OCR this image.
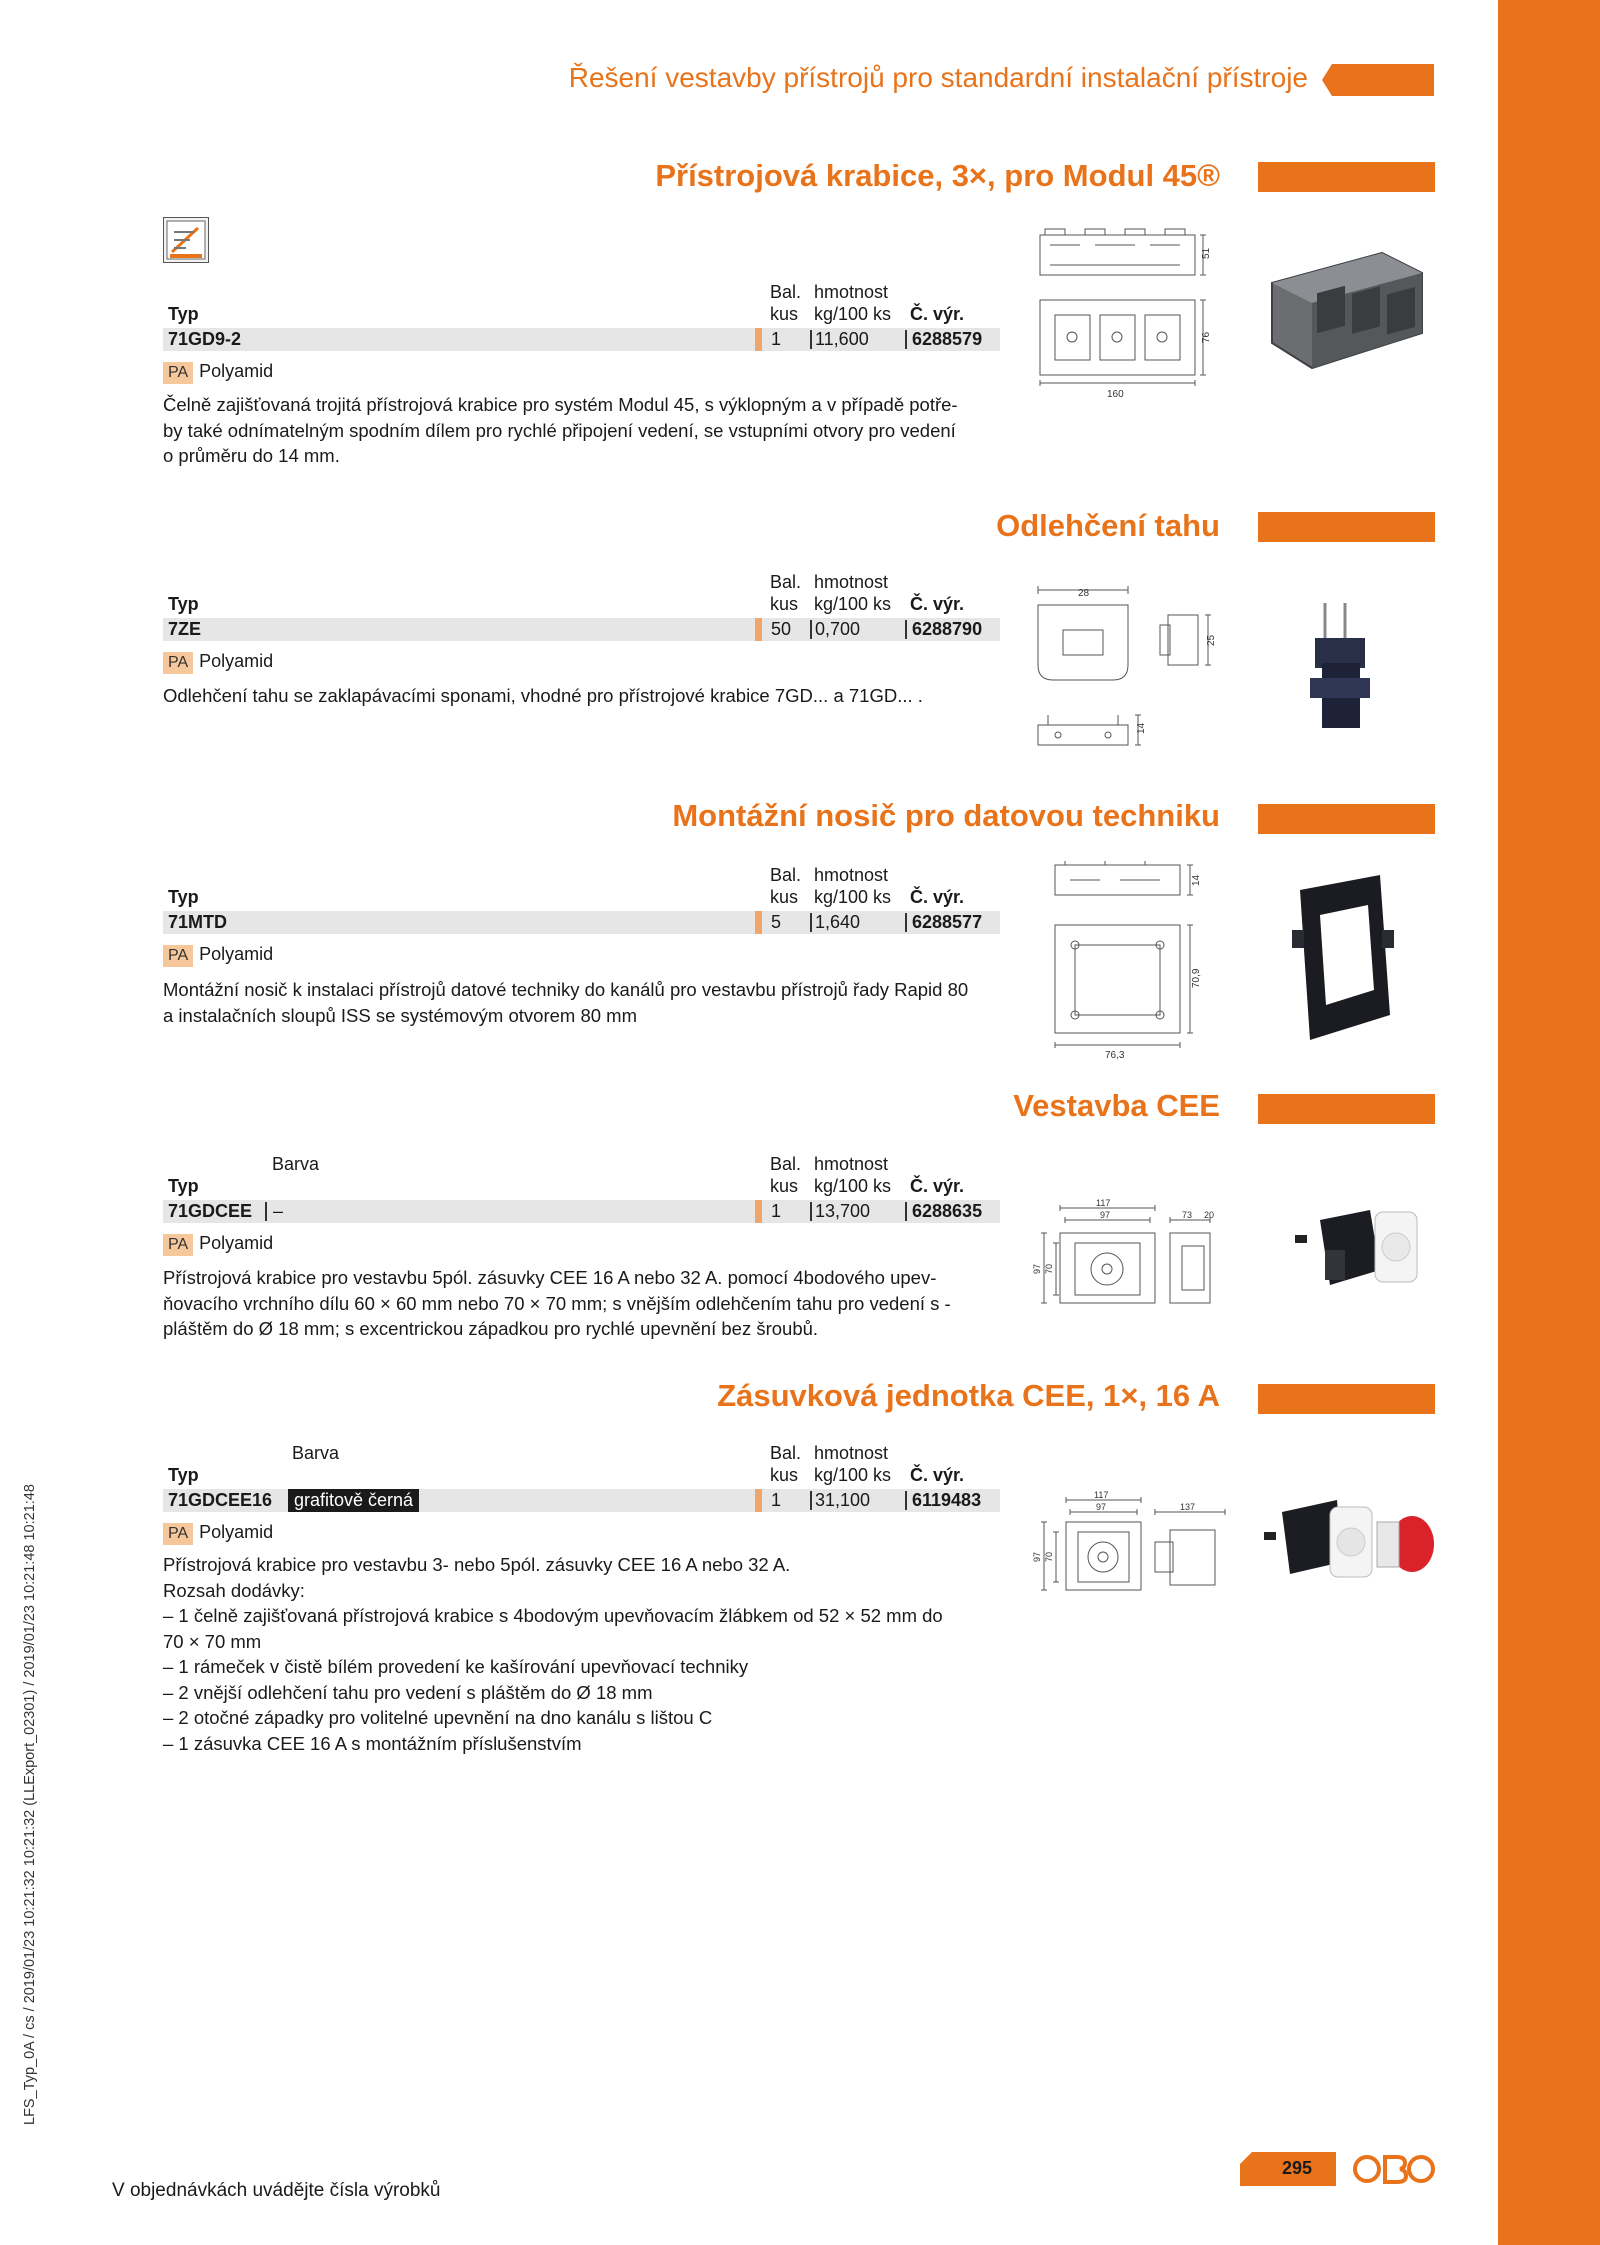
Řešení vestavby přístrojů pro standardní instalační přístroje
Přístrojová krabice, 3×, pro Modul 45®
Bal. hmotnost
Typ	kus kg/100 ks Č. výr.
71GD9-2	1 11,600 6288579
PA Polyamid

Čelně zajišťovaná trojitá přístrojová krabice pro systém Modul 45, s výklopným a v případě potře-

by také odnímatelným spodním dílem pro rychlé připojení vedení, se vstupními otvory pro vedení

o průměru do 14 mm.

51
76
160
Odlehčení tahu
Bal. hmotnost
Typ	kus kg/100 ks Č. výr.
7ZE	50 0,700	6288790
PA Polyamid

Odlehčení tahu se zaklapávacími sponami, vhodné pro přístrojové krabice 7GD... a 71GD... .

28
25
14
Montážní nosič pro datovou techniku
Bal. hmotnost
Typ	kus kg/100 ks Č. výr.
71MTD	5 1,640	6288577
PA Polyamid

Montážní nosič k instalaci přístrojů datové techniky do kanálů pro vestavbu přístrojů řady Rapid 80

a instalačních sloupů ISS se systémovým otvorem 80 mm

14
70,9
76,3
Vestavba CEE
Barva	Bal. hmotnost
Typ	kus kg/100 ks Č. výr.
71GDCEE –	1 13,700 6288635
PA Polyamid

Přístrojová krabice pro vestavbu 5pól. zásuvky CEE 16 A nebo 32 A. pomocí 4bodového upev-

ňovacího vrchního dílu 60 × 60 mm nebo 70 × 70 mm; s vnějším odlehčením tahu pro vedení s -

pláštěm do Ø 18 mm; s excentrickou západkou pro rychlé upevnění bez šroubů.

117
97	73 20
97 70
Zásuvková jednotka CEE, 1×, 16 A
Barva	Bal. hmotnost
Typ	kus kg/100 ks Č. výr.
71GDCEE16	grafitově černá	1 31,100 6119483
PA Polyamid

Přístrojová krabice pro vestavbu 3- nebo 5pól. zásuvky CEE 16 A nebo 32 A.

Rozsah dodávky:

– 1 čelně zajišťovaná přístrojová krabice s 4bodovým upevňovacím žlábkem od 52 × 52 mm do

70 × 70 mm

– 1 rámeček v čistě bílém provedení ke kašírování upevňovací techniky

– 2 vnější odlehčení tahu pro vedení s pláštěm do Ø 18 mm

– 2 otočné západky pro volitelné upevnění na dno kanálu s lištou C

– 1 zásuvka CEE 16 A s montážním příslušenstvím

117
97	137
97 70
LFS_Typ_0A / cs / 2019/01/23 10:21:32 10:21:32 (LLExport_02301) / 2019/01/23 10:21:48 10:21:48
V objednávkách uvádějte čísla výrobků
295
